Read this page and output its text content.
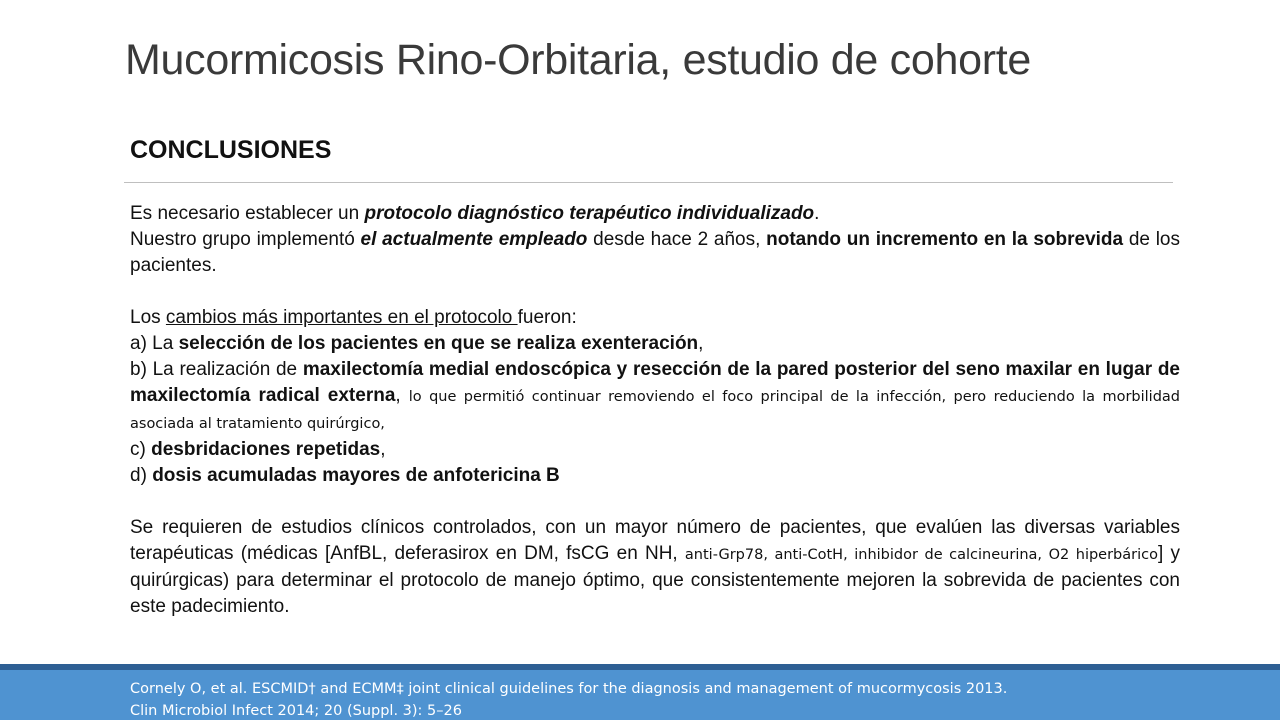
Mucormicosis Rino-Orbitaria, estudio de cohorte
CONCLUSIONES

Es necesario establecer un protocolo diagnóstico terapéutico individualizado.

Nuestro grupo implementó el actualmente empleado desde hace 2 años, notando un incremento en la sobrevida de los pacientes.

Los cambios más importantes en el protocolo fueron:

a) La selección de los pacientes en que se realiza exenteración,

b) La realización de maxilectomía medial endoscópica y resección de la pared posterior del seno maxilar en lugar de maxilectomía radical externa, lo que permitió continuar removiendo el foco principal de la infección, pero reduciendo la morbilidad asociada al tratamiento quirúrgico,

c) desbridaciones repetidas,

d) dosis acumuladas mayores de anfotericina B

Se requieren de estudios clínicos controlados, con un mayor número de pacientes, que evalúen las diversas variables terapéuticas (médicas [AnfBL, deferasirox en DM, fsCG en NH, anti-Grp78, anti-CotH, inhibidor de calcineurina, O2 hiperbárico] y quirúrgicas) para determinar el protocolo de manejo óptimo, que consistentemente mejoren la sobrevida de pacientes con este padecimiento.

Cornely O, et al. ESCMID† and ECMM‡ joint clinical guidelines for the diagnosis and management of mucormycosis 2013.
Clin Microbiol Infect 2014; 20 (Suppl. 3): 5–26
